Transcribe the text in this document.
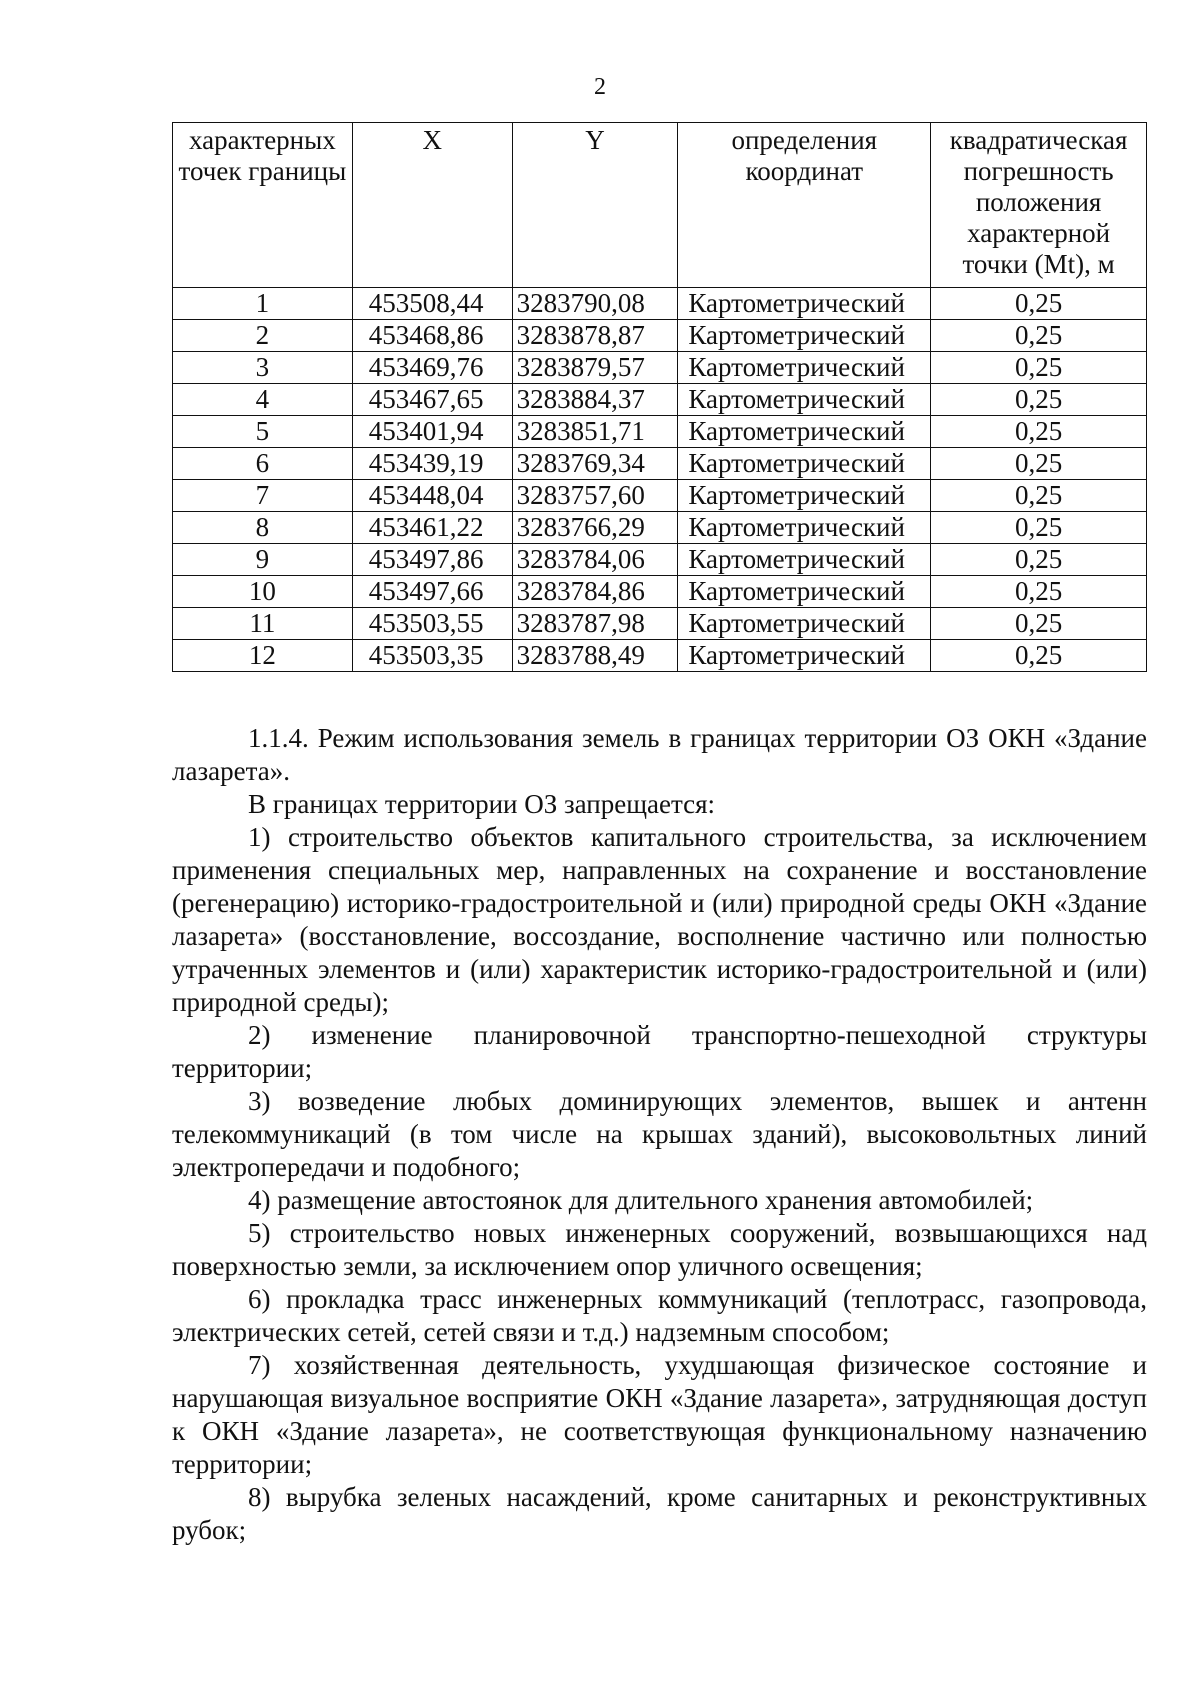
2
характерных точек границы	X	Y	определения координат	квадратическая погрешность положения характерной точки (Mt), м
1	453508,44	3283790,08	Картометрический	0,25
2	453468,86	3283878,87	Картометрический	0,25
3	453469,76	3283879,57	Картометрический	0,25
4	453467,65	3283884,37	Картометрический	0,25
5	453401,94	3283851,71	Картометрический	0,25
6	453439,19	3283769,34	Картометрический	0,25
7	453448,04	3283757,60	Картометрический	0,25
8	453461,22	3283766,29	Картометрический	0,25
9	453497,86	3283784,06	Картометрический	0,25
10	453497,66	3283784,86	Картометрический	0,25
11	453503,55	3283787,98	Картометрический	0,25
12	453503,35	3283788,49	Картометрический	0,25

1.1.4. Режим использования земель в границах территории ОЗ ОКН «Здание лазарета».

В границах территории ОЗ запрещается:

1) строительство объектов капитального строительства, за исключением применения специальных мер, направленных на сохранение и восстановление (регенерацию) историко-градостроительной и (или) природной среды ОКН «Здание лазарета» (восстановление, воссоздание, восполнение частично или полностью утраченных элементов и (или) характеристик историко-градостроительной и (или) природной среды);

2) изменение планировочной транспортно-пешеходной структуры территории;

3) возведение любых доминирующих элементов, вышек и антенн телекоммуникаций (в том числе на крышах зданий), высоковольтных линий электропередачи и подобного;

4) размещение автостоянок для длительного хранения автомобилей;

5) строительство новых инженерных сооружений, возвышающихся над поверхностью земли, за исключением опор уличного освещения;

6) прокладка трасс инженерных коммуникаций (теплотрасс, газопровода, электрических сетей, сетей связи и т.д.) надземным способом;

7) хозяйственная деятельность, ухудшающая физическое состояние и нарушающая визуальное восприятие ОКН «Здание лазарета», затрудняющая доступ к ОКН «Здание лазарета», не соответствующая функциональному назначению территории;

8) вырубка зеленых насаждений, кроме санитарных и реконструктивных рубок;
